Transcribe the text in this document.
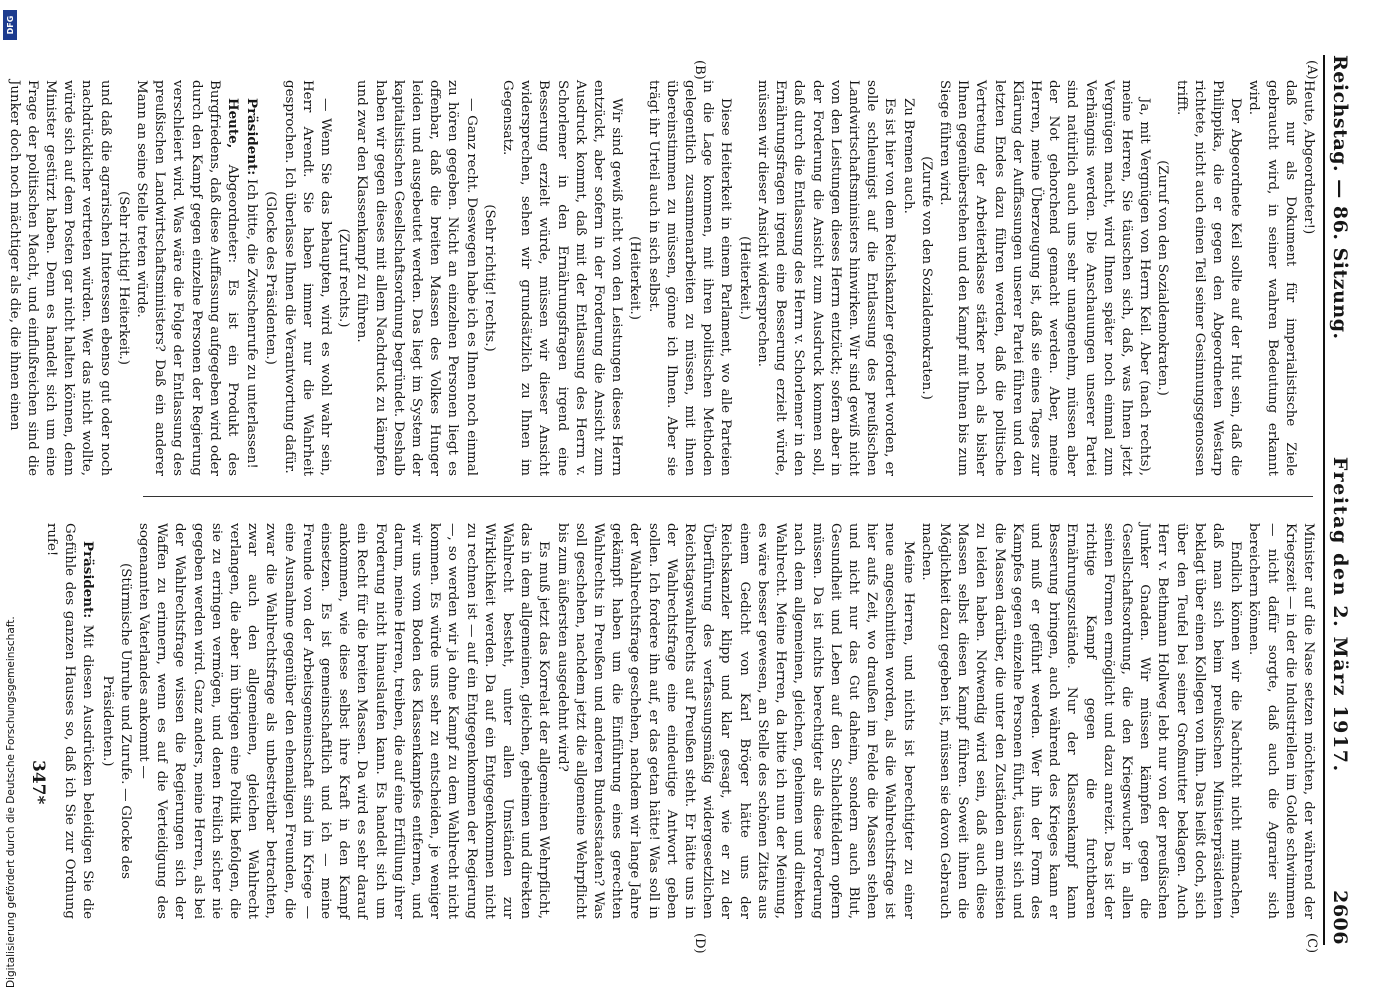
Reichstag. — 86. Sitzung.
Freitag den 2. März 1917.
2606
(A)
(B)
(C)
(D)

Heute, Abgeordneter!)

daß nur als Dokument für imperialistische Ziele gebraucht wird, in seiner wahren Bedeutung erkannt wird.

Der Abgeordnete Keil sollte auf der Hut sein, daß die Philippika, die er gegen den Abgeordneten Westarp richtete, nicht auch einen Teil seiner Gesinnungsgenossen trifft.

(Zuruf von den Sozialdemokraten.)

Ja, mit Vergnügen von Herrn Keil. Aber (nach rechts), meine Herren, Sie täuschen sich, daß, was Ihnen jetzt Vergnügen macht, wird Ihnen später noch einmal zum Verhängnis werden. Die Anschauungen unserer Partei sind natürlich auch uns sehr unangenehm, müssen aber der Not gehorchend gemacht werden. Aber, meine Herren, meine Überzeugung ist, daß sie eines Tages zur Klärung der Auffassungen unserer Partei führen und den letzten Endes dazu führen werden, daß die politische Vertretung der Arbeiterklasse stärker noch als bisher Ihnen gegenüberstehen und den Kampf mit Ihnen bis zum Siege führen wird.

(Zurufe von den Sozialdemokraten.)

Zu Bremen auch.

Es ist hier von dem Reichskanzler gefordert worden, er solle schleunigst auf die Entlassung des preußischen Landwirtschaftsministers hinwirken. Wir sind gewiß nicht von den Leistungen dieses Herrn entzückt; sofern aber in der Forderung die Ansicht zum Ausdruck kommen soll, daß durch die Entlassung des Herrn v. Schorlemer in den Ernährungsfragen irgend eine Besserung erzielt würde, müssen wir dieser Ansicht widersprechen.

(Heiterkeit.)

Diese Heiterkeit in einem Parlament, wo alle Parteien in die Lage kommen, mit ihren politischen Methoden gelegentlich zusammenarbeiten zu müssen, mit ihnen übereinstimmen zu müssen, gönne ich Ihnen. Aber sie trägt ihr Urteil auch in sich selbst.

(Heiterkeit.)

Wir sind gewiß nicht von den Leistungen dieses Herrn entzückt, aber sofern in der Forderung die Ansicht zum Ausdruck kommt, daß mit der Entlassung des Herrn v. Schorlemer in den Ernährungsfragen irgend eine Besserung erzielt würde, müssen wir dieser Ansicht widersprechen, sehen wir grundsätzlich zu Ihnen im Gegensatz.

(Sehr richtig! rechts.)

— Ganz recht. Deswegen habe ich es Ihnen noch einmal zu hören gegeben. Nicht an einzelnen Personen liegt es offenbar, daß die breiten Massen des Volkes Hunger leiden und ausgebeutet werden. Das liegt im System der kapitalistischen Gesellschaftsordnung begründet. Deshalb haben wir gegen dieses mit allem Nachdruck zu kämpfen und zwar den Klassenkampf zu führen.

(Zuruf rechts.)

— Wenn Sie das behaupten, wird es wohl wahr sein, Herr Arendt. Sie haben immer nur die Wahrheit gesprochen. Ich überlasse Ihnen die Verantwortung dafür.

(Glocke des Präsidenten.)

Präsident: Ich bitte, die Zwischenrufe zu unterlassen!

Heute, Abgeordneter: Es ist ein Produkt des Burgfriedens, daß diese Auffassung aufgegeben wird oder durch den Kampf gegen einzelne Personen der Regierung verschleiert wird. Was wäre die Folge der Entlassung des preußischen Landwirtschaftsministers? Daß ein anderer Mann an seine Stelle treten würde.

(Sehr richtig! Heiterkeit.)

und daß die agrarischen Interessen ebenso gut oder noch nachdrücklicher vertreten würden. Wer das nicht wollte, würde sich auf dem Posten gar nicht halten können, denn Minister gestürzt haben. Denn es handelt sich um eine Frage der politischen Macht, und einflußreichen sind die Junker doch noch mächtiger als die, die ihnen einen

Minister auf die Nase setzen möchten, der während der Kriegszeit — in der die Industriellen im Golde schwimmen — nicht dafür sorgte, daß auch die Agrarier sich bereichern können.

Endlich können wir die Nachricht nicht mitmachen, daß man sich beim preußischen Ministerpräsidenten beklagt über einen Kollegen von ihm. Das heißt doch, sich über den Teufel bei seiner Großmutter beklagen. Auch Herr v. Bethmann Hollweg lebt nur von der preußischen Junker Gnaden. Wir müssen kämpfen gegen die Gesellschaftsordnung, die den Kriegswucher in allen seinen Formen ermöglicht und dazu anreizt. Das ist der richtige Kampf gegen die furchtbaren Ernährungszustände. Nur der Klassenkampf kann Besserung bringen, auch während des Krieges kann er und muß er geführt werden. Wer ihn der Form des Kampfes gegen einzelne Personen führt, täuscht sich und die Massen darüber, die unter den Zuständen am meisten zu leiden haben. Notwendig wird sein, daß auch diese Massen selbst diesen Kampf führen. Soweit ihnen die Möglichkeit dazu gegeben ist, müssen sie davon Gebrauch machen.

Meine Herren, und nichts ist berechtigter zu einer neue angeschnitten worden, als die Wahlrechtsfrage ist hier aufs Zeit, wo draußen im Felde die Massen stehen und nicht nur das Gut daheim, sondern auch Blut, Gesundheit und Leben auf den Schlachtfeldern opfern müssen. Da ist nichts berechtigter als diese Forderung nach dem allgemeinen, gleichen, geheimen und direkten Wahlrecht. Meine Herren, da bitte ich nun der Meinung, es wäre besser gewesen, an Stelle des schönen Zitats aus einem Gedicht von Karl Bröger hätte uns der Reichskanzler klipp und klar gesagt, wie er zu der Überführung des verfassungsmäßig widergesetzlichen Reichstagswahlrechts auf Preußen steht. Er hätte uns in der Wahlrechtsfrage eine eindeutige Antwort geben sollen. Ich fordere ihn auf, er das getan hätte! Was soll in der Wahlrechtsfrage geschehen, nachdem wir lange Jahre gekämpft haben um die Einführung eines gerechten Wahlrechts in Preußen und anderen Bundesstaaten? Was soll geschehen, nachdem jetzt die allgemeine Wehrpflicht bis zum äußersten ausgedehnt wird?

Es muß jetzt das Korrelat der allgemeinen Wehrpflicht, das in dem allgemeinen, gleichen, geheimen und direkten Wahlrecht besteht, unter allen Umständen zur Wirklichkeit werden. Da auf ein Entgegenkommen nicht zu rechnen ist — auf ein Entgegenkommen der Regierung —, so werden wir ja ohne Kampf zu dem Wahlrecht nicht kommen. Es würde uns sehr zu entscheiden, je weniger wir uns vom Boden des Klassenkampfes entfernen, und darum, meine Herren, treiben, die auf eine Erfüllung ihrer Forderung nicht hinauslaufen kann. Es handelt sich um ein Recht für die breiten Massen. Da wird es sehr darauf ankommen, wie diese selbst ihre Kraft in den Kampf einsetzen. Es ist gemeinschaftlich und ich — meine Freunde von der Arbeitsgemeinschaft sind im Kriege — eine Ausnahme gegenüber den ehemaligen Freunden, die zwar die Wahlrechtsfrage als unbestreitbar betrachten, zwar auch den allgemeinen, gleichen Wahlrecht verlangen, die aber im übrigen eine Politik befolgen, die sie zu erringen vermögen, und denen freilich sicher nie gegeben werden wird. Ganz anders, meine Herren, als bei der Wahlrechtsfrage wissen die Regierungen sich der Waffen zu erinnern, wenn es auf die Verteidigung des sogenannten Vaterlandes ankommt —

(Stürmische Unruhe und Zurufe. — Glocke des Präsidenten.)

Präsident: Mit diesen Ausdrücken beleidigen Sie die Gefühle des ganzen Hauses so, daß ich Sie zur Ordnung rufe!

347*
Digitalisierung gefördert durch die Deutsche Forschungsgemeinschaft.
DFG
